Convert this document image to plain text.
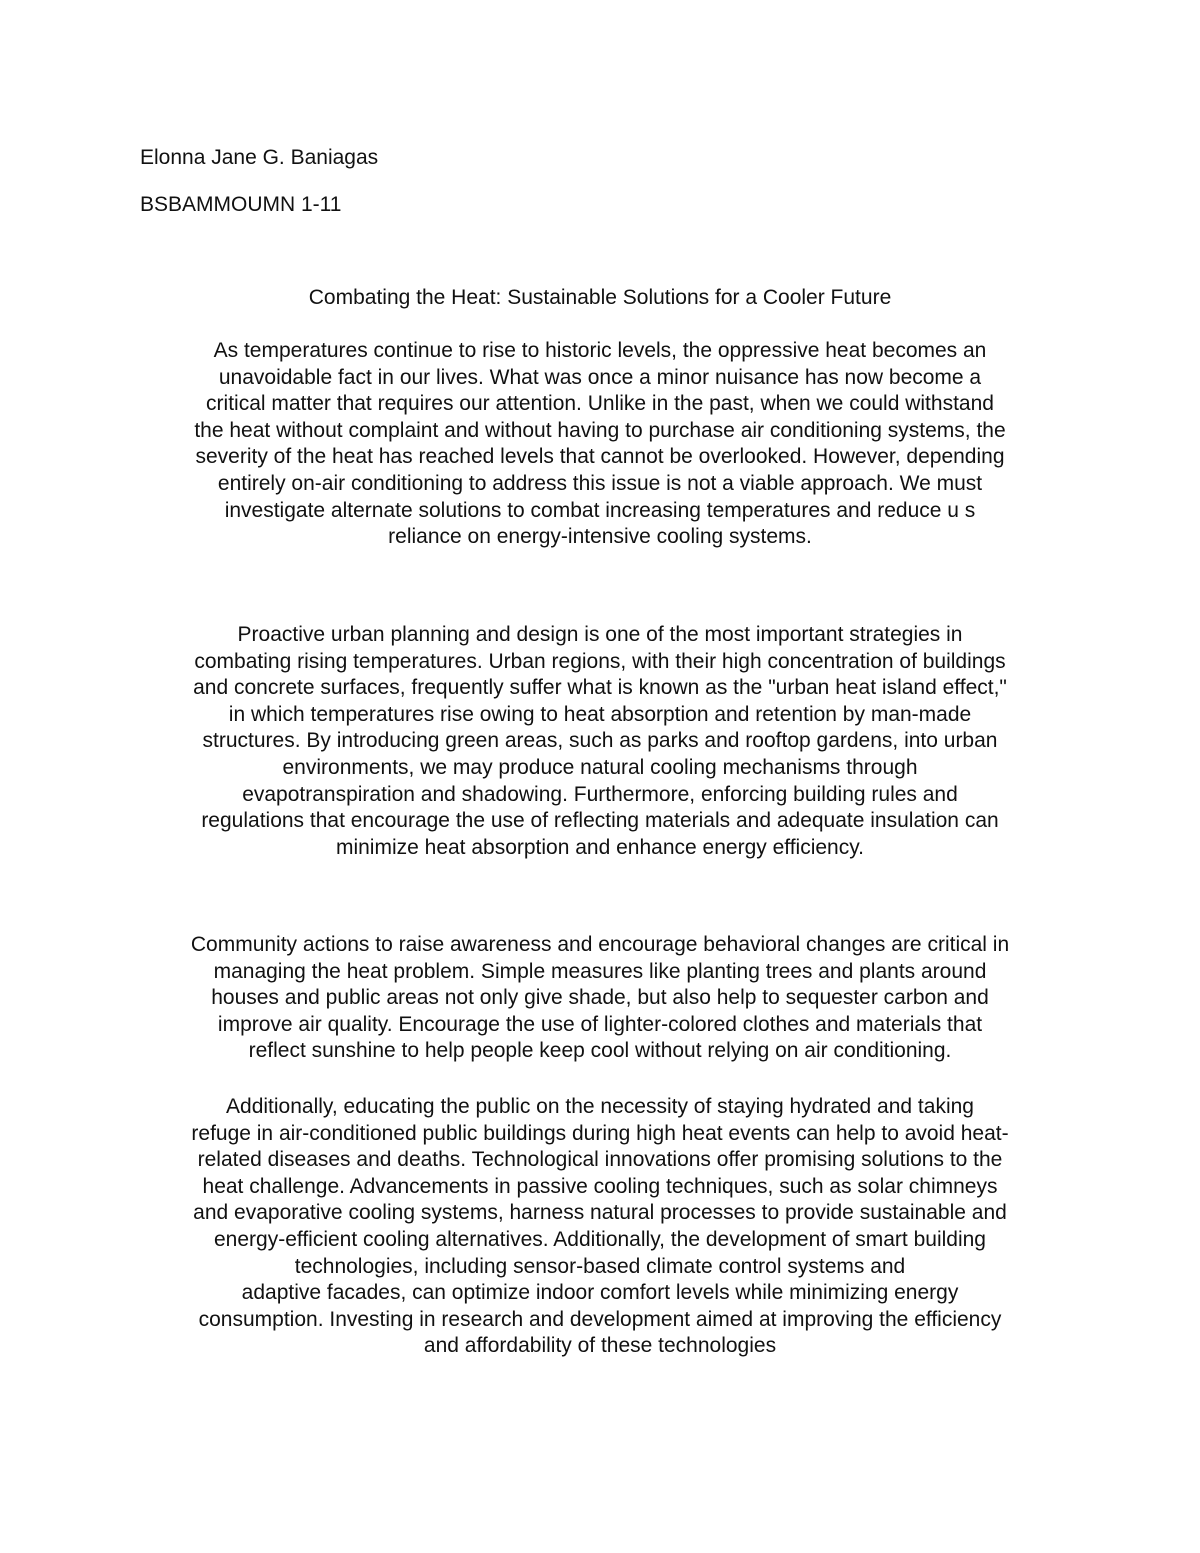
Elonna Jane G. Baniagas
BSBAMMOUMN 1-11
Combating the Heat: Sustainable Solutions for a Cooler Future

As temperatures continue to rise to historic levels, the oppressive heat becomes an
unavoidable fact in our lives. What was once a minor nuisance has now become a
critical matter that requires our attention. Unlike in the past, when we could withstand
the heat without complaint and without having to purchase air conditioning systems, the
severity of the heat has reached levels that cannot be overlooked. However, depending
entirely on-air conditioning to address this issue is not a viable approach. We must
investigate alternate solutions to combat increasing temperatures and reduce u s
reliance on energy-intensive cooling systems.

Proactive urban planning and design is one of the most important strategies in
combating rising temperatures. Urban regions, with their high concentration of buildings
and concrete surfaces, frequently suffer what is known as the "urban heat island effect,"
in which temperatures rise owing to heat absorption and retention by man-made
structures. By introducing green areas, such as parks and rooftop gardens, into urban
environments, we may produce natural cooling mechanisms through
evapotranspiration and shadowing. Furthermore, enforcing building rules and
regulations that encourage the use of reflecting materials and adequate insulation can
minimize heat absorption and enhance energy efficiency.

Community actions to raise awareness and encourage behavioral changes are critical in
managing the heat problem. Simple measures like planting trees and plants around
houses and public areas not only give shade, but also help to sequester carbon and
improve air quality. Encourage the use of lighter-colored clothes and materials that
reflect sunshine to help people keep cool without relying on air conditioning.

Additionally, educating the public on the necessity of staying hydrated and taking
refuge in air-conditioned public buildings during high heat events can help to avoid heat-
related diseases and deaths. Technological innovations offer promising solutions to the
heat challenge. Advancements in passive cooling techniques, such as solar chimneys
and evaporative cooling systems, harness natural processes to provide sustainable and
energy-efficient cooling alternatives. Additionally, the development of smart building
technologies, including sensor-based climate control systems and
adaptive facades, can optimize indoor comfort levels while minimizing energy
consumption. Investing in research and development aimed at improving the efficiency
and affordability of these technologies
